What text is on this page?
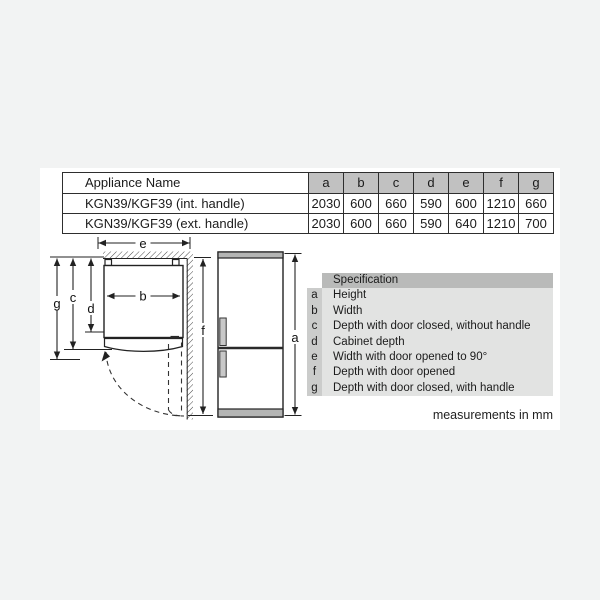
Appliance Name	a	b	c	d	e	f	g
KGN39/KGF39 (int. handle)	2030	600	660	590	600	1210	660
KGN39/KGF39 (ext. handle)	2030	600	660	590	640	1210	700
Specification
a	Height
b	Width
c	Depth with door closed, without handle
d	Cabinet depth
e	Width with door opened to 90°
f	Depth with door opened
g	Depth with door closed, with handle
measurements in mm
e
b
g c
d
f	a
